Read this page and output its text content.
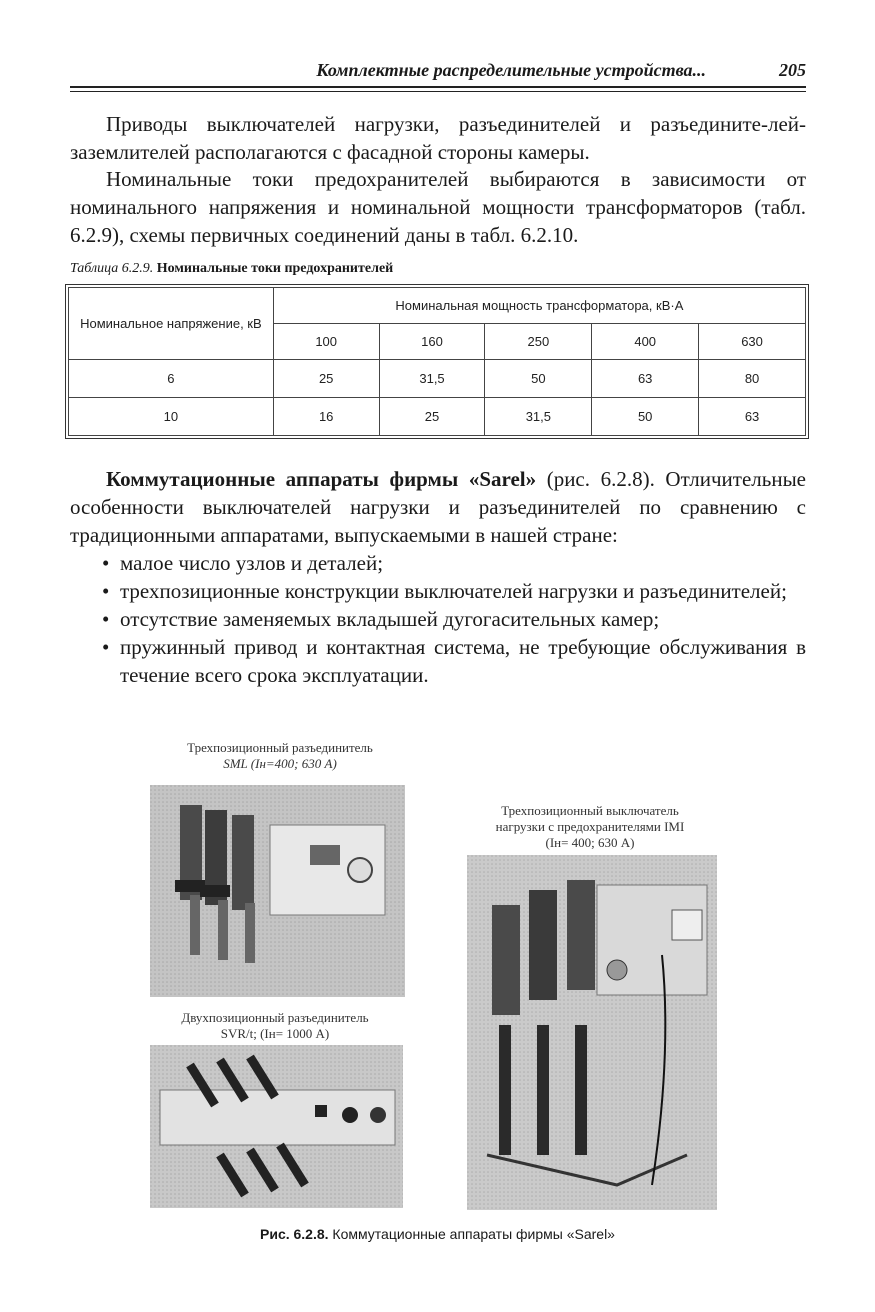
Комплектные распределительные устройства...	205

Приводы выключателей нагрузки, разъединителей и разъедините-лей-заземлителей располагаются с фасадной стороны камеры.

Номинальные токи предохранителей выбираются в зависимости от номинального напряжения и номинальной мощности трансформаторов (табл. 6.2.9), схемы первичных соединений даны в табл. 6.2.10.

Таблица 6.2.9. Номинальные токи предохранителей
Номинальное напряжение, кВ	Номинальная мощность трансформатора, кВ·А				
	100	160	250	400	630
6	25	31,5	50	63	80
10	16	25	31,5	50	63

Коммутационные аппараты фирмы «Sarel» (рис. 6.2.8). Отличительные особенности выключателей нагрузки и разъединителей по сравнению с традиционными аппаратами, выпускаемыми в нашей стране:

• малое число узлов и деталей;
• трехпозиционные конструкции выключателей нагрузки и разъединителей;
• отсутствие заменяемых вкладышей дугогасительных камер;
• пружинный привод и контактная система, не требующие обслуживания в течение всего срока эксплуатации.
Трехпозиционный разъединитель
SML (Iн=400; 630 А)
Трехпозиционный выключатель
нагрузки с предохранителями IMI
(Iн= 400; 630 А)
Двухпозиционный разъединитель
SVR/t; (Iн= 1000 А)
Рис. 6.2.8. Коммутационные аппараты фирмы «Sarel»
